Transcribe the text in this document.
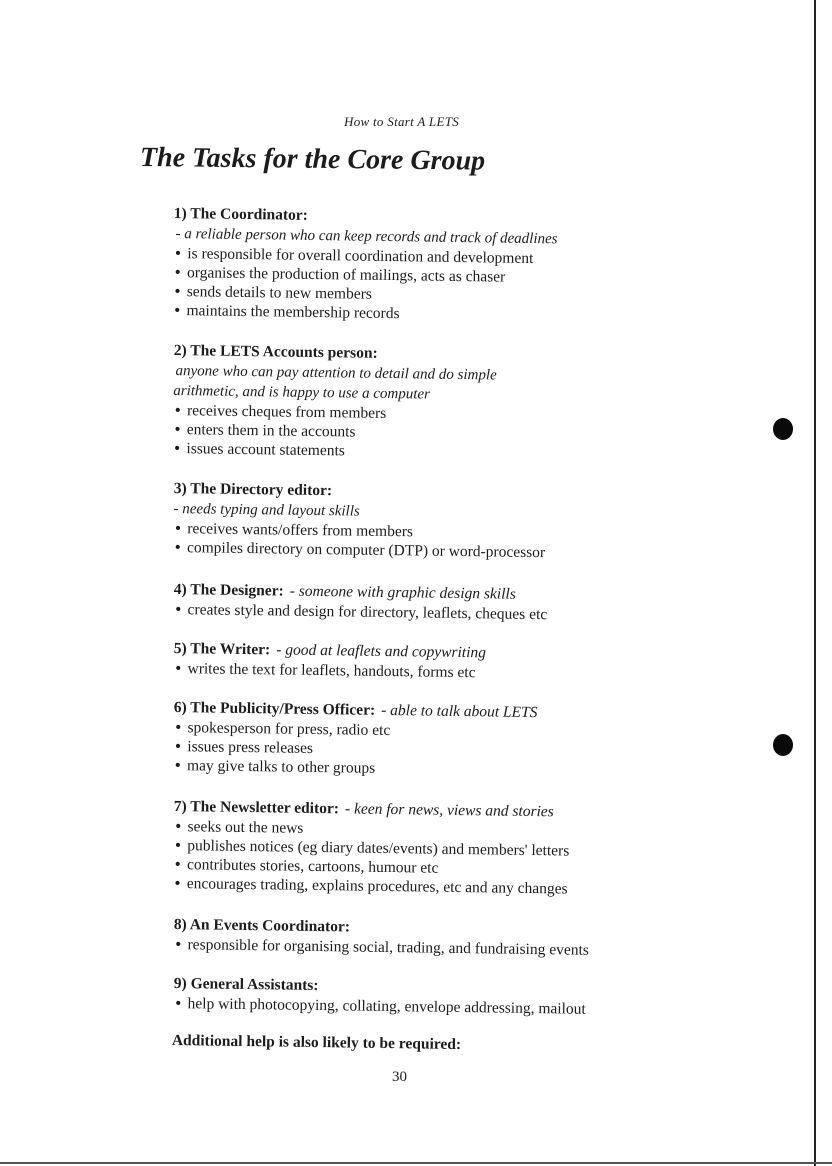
How to Start A LETS
The Tasks for the Core Group
1) The Coordinator:
- a reliable person who can keep records and track of deadlines
• is responsible for overall coordination and development
• organises the production of mailings, acts as chaser
• sends details to new members
• maintains the membership records
2) The LETS Accounts person:
anyone who can pay attention to detail and do simple
arithmetic, and is happy to use a computer
• receives cheques from members
• enters them in the accounts
• issues account statements
3) The Directory editor:
- needs typing and layout skills
• receives wants/offers from members
• compiles directory on computer (DTP) or word-processor
4) The Designer: - someone with graphic design skills
• creates style and design for directory, leaflets, cheques etc
5) The Writer: - good at leaflets and copywriting
• writes the text for leaflets, handouts, forms etc
6) The Publicity/Press Officer: - able to talk about LETS
• spokesperson for press, radio etc
• issues press releases
• may give talks to other groups
7) The Newsletter editor: - keen for news, views and stories
• seeks out the news
• publishes notices (eg diary dates/events) and members' letters
• contributes stories, cartoons, humour etc
• encourages trading, explains procedures, etc and any changes
8) An Events Coordinator:
• responsible for organising social, trading, and fundraising events
9) General Assistants:
• help with photocopying, collating, envelope addressing, mailout
Additional help is also likely to be required:
30
